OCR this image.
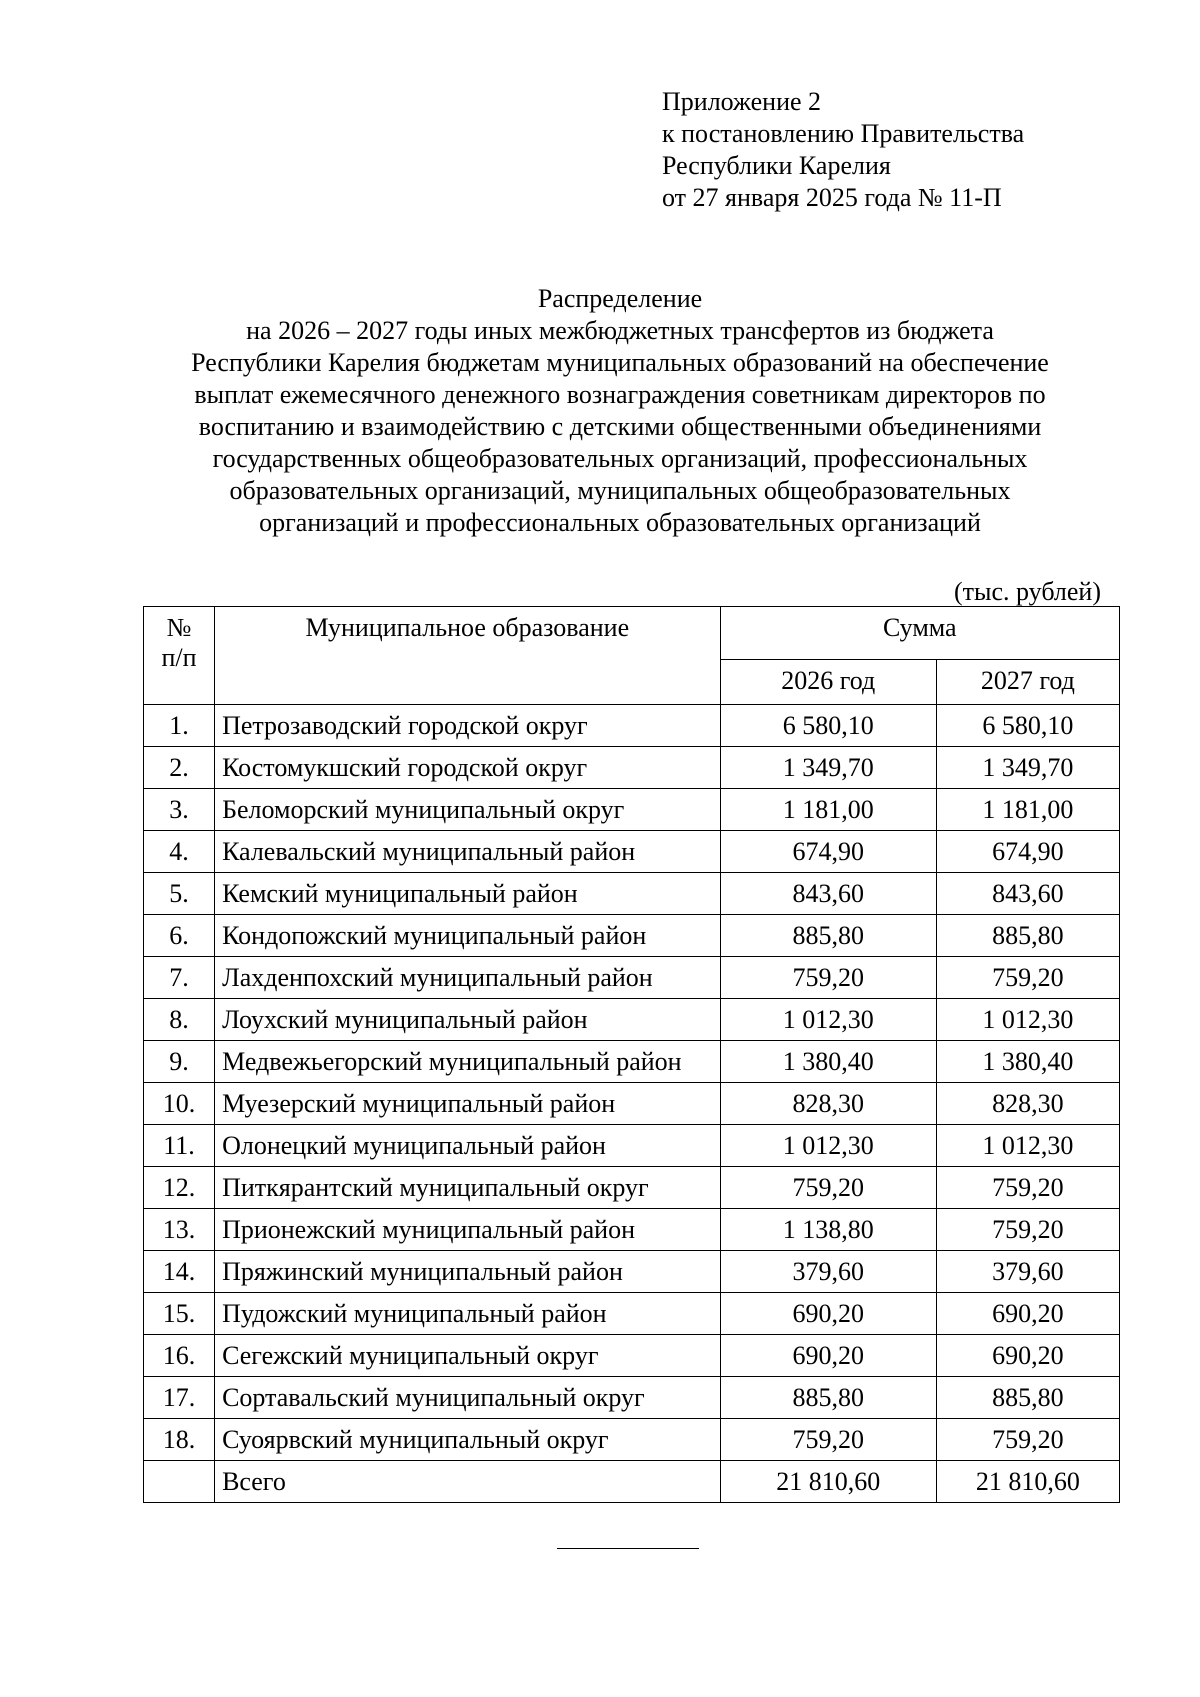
Приложение 2
к постановлению Правительства
Республики Карелия
от 27 января 2025 года № 11-П
Распределение
на 2026 – 2027 годы иных межбюджетных трансфертов из бюджета
Республики Карелия бюджетам муниципальных образований на обеспечение
выплат ежемесячного денежного вознаграждения советникам директоров по
воспитанию и взаимодействию с детскими общественными объединениями
государственных общеобразовательных организаций, профессиональных
образовательных организаций, муниципальных общеобразовательных
организаций и профессиональных образовательных организаций
(тыс. рублей)
№
п/п	Муниципальное образование	Сумма	
		2026 год	2027 год
1.	Петрозаводский городской округ	6 580,10	6 580,10
2.	Костомукшский городской округ	1 349,70	1 349,70
3.	Беломорский муниципальный округ	1 181,00	1 181,00
4.	Калевальский муниципальный район	674,90	674,90
5.	Кемский муниципальный район	843,60	843,60
6.	Кондопожский муниципальный район	885,80	885,80
7.	Лахденпохский муниципальный район	759,20	759,20
8.	Лоухский муниципальный район	1 012,30	1 012,30
9.	Медвежьегорский муниципальный район	1 380,40	1 380,40
10.	Муезерский муниципальный район	828,30	828,30
11.	Олонецкий муниципальный район	1 012,30	1 012,30
12.	Питкярантский муниципальный округ	759,20	759,20
13.	Прионежский муниципальный район	1 138,80	759,20
14.	Пряжинский муниципальный район	379,60	379,60
15.	Пудожский муниципальный район	690,20	690,20
16.	Сегежский муниципальный округ	690,20	690,20
17.	Сортавальский муниципальный округ	885,80	885,80
18.	Суоярвский муниципальный округ	759,20	759,20
	Всего	21 810,60	21 810,60
